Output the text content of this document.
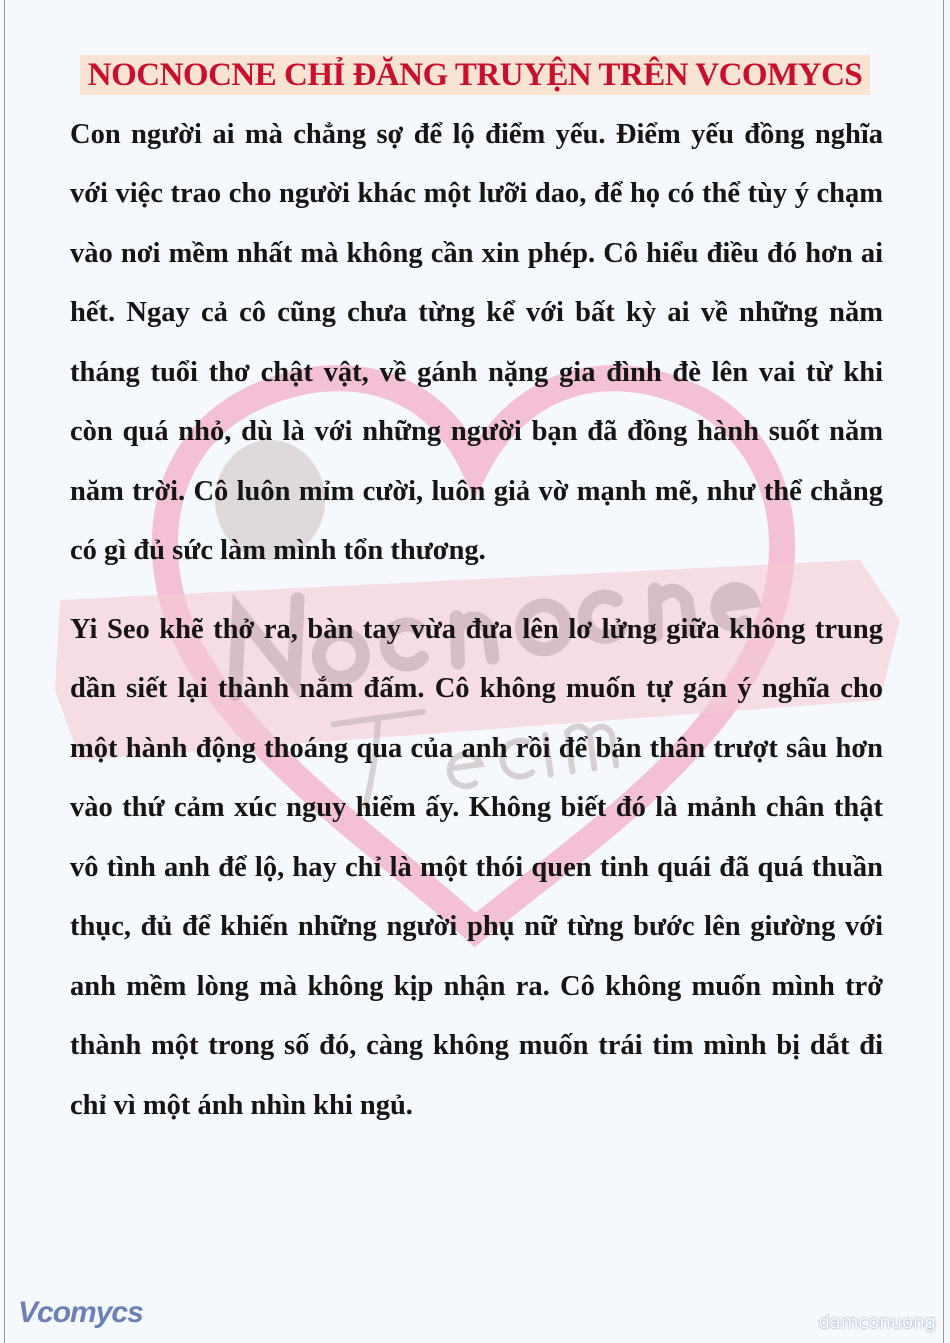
NOCNOCNE CHỈ ĐĂNG TRUYỆN TRÊN VCOMYCS
Con người ai mà chẳng sợ để lộ điểm yếu. Điểm yếu đồng nghĩa
với việc trao cho người khác một lưỡi dao, để họ có thể tùy ý chạm
vào nơi mềm nhất mà không cần xin phép. Cô hiểu điều đó hơn ai
hết. Ngay cả cô cũng chưa từng kể với bất kỳ ai về những năm
tháng tuổi thơ chật vật, về gánh nặng gia đình đè lên vai từ khi
còn quá nhỏ, dù là với những người bạn đã đồng hành suốt năm
năm trời. Cô luôn mỉm cười, luôn giả vờ mạnh mẽ, như thể chẳng
có gì đủ sức làm mình tổn thương.
Yi Seo khẽ thở ra, bàn tay vừa đưa lên lơ lửng giữa không trung
dần siết lại thành nắm đấm. Cô không muốn tự gán ý nghĩa cho
một hành động thoáng qua của anh rồi để bản thân trượt sâu hơn
vào thứ cảm xúc nguy hiểm ấy. Không biết đó là mảnh chân thật
vô tình anh để lộ, hay chỉ là một thói quen tinh quái đã quá thuần
thục, đủ để khiến những người phụ nữ từng bước lên giường với
anh mềm lòng mà không kịp nhận ra. Cô không muốn mình trở
thành một trong số đó, càng không muốn trái tim mình bị dắt đi
chỉ vì một ánh nhìn khi ngủ.
Vcomycs	damconuong
